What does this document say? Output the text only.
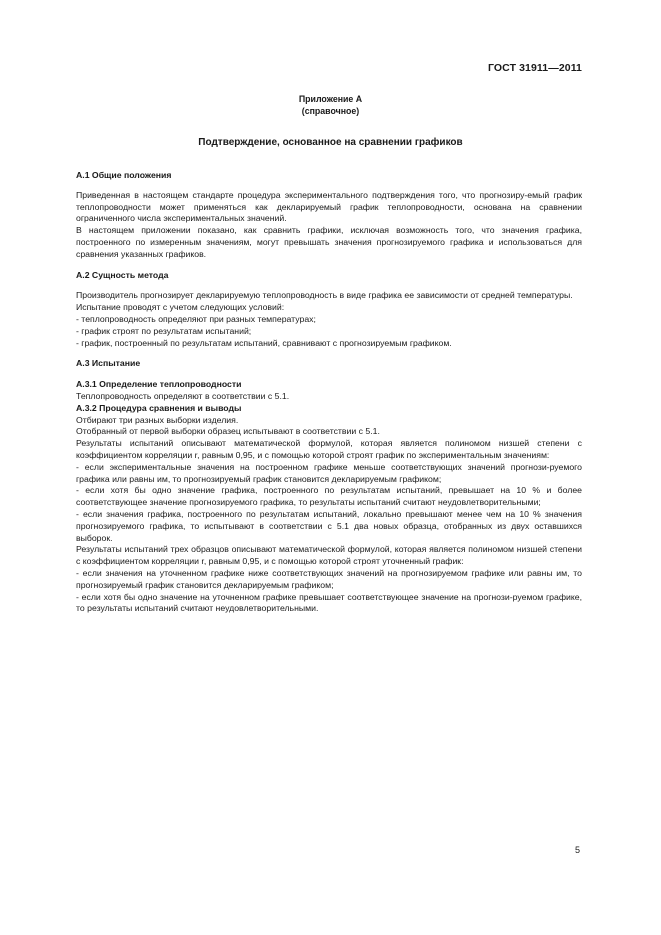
ГОСТ 31911—2011
Приложение А
(справочное)
Подтверждение, основанное на сравнении графиков

А.1 Общие положения

Приведенная в настоящем стандарте процедура экспериментального подтверждения того, что прогнозиру-емый график теплопроводности может применяться как декларируемый график теплопроводности, основана на сравнении ограниченного числа экспериментальных значений.

В настоящем приложении показано, как сравнить графики, исключая возможность того, что значения графика, построенного по измеренным значениям, могут превышать значения прогнозируемого графика и использоваться для сравнения указанных графиков.

А.2 Сущность метода

Производитель прогнозирует декларируемую теплопроводность в виде графика ее зависимости от средней температуры.

Испытание проводят с учетом следующих условий:

- теплопроводность определяют при разных температурах;

- график строят по результатам испытаний;

- график, построенный по результатам испытаний, сравнивают с прогнозируемым графиком.

А.3 Испытание

А.3.1 Определение теплопроводности

Теплопроводность определяют в соответствии с 5.1.

А.3.2 Процедура сравнения и выводы

Отбирают три разных выборки изделия.

Отобранный от первой выборки образец испытывают в соответствии с 5.1.

Результаты испытаний описывают математической формулой, которая является полиномом низшей степени с коэффициентом корреляции r, равным 0,95, и с помощью которой строят график по экспериментальным значениям:

- если экспериментальные значения на построенном графике меньше соответствующих значений прогнози-руемого графика или равны им, то прогнозируемый график становится декларируемым графиком;

- если хотя бы одно значение графика, построенного по результатам испытаний, превышает на 10 % и более соответствующее значение прогнозируемого графика, то результаты испытаний считают неудовлетворительными;

- если значения графика, построенного по результатам испытаний, локально превышают менее чем на 10 % значения прогнозируемого графика, то испытывают в соответствии с 5.1 два новых образца, отобранных из двух оставшихся выборок.

Результаты испытаний трех образцов описывают математической формулой, которая является полиномом низшей степени с коэффициентом корреляции r, равным 0,95, и с помощью которой строят уточненный график:

- если значения на уточненном графике ниже соответствующих значений на прогнозируемом графике или равны им, то прогнозируемый график становится декларируемым графиком;

- если хотя бы одно значение на уточненном графике превышает соответствующее значение на прогнози-руемом графике, то результаты испытаний считают неудовлетворительными.

5
